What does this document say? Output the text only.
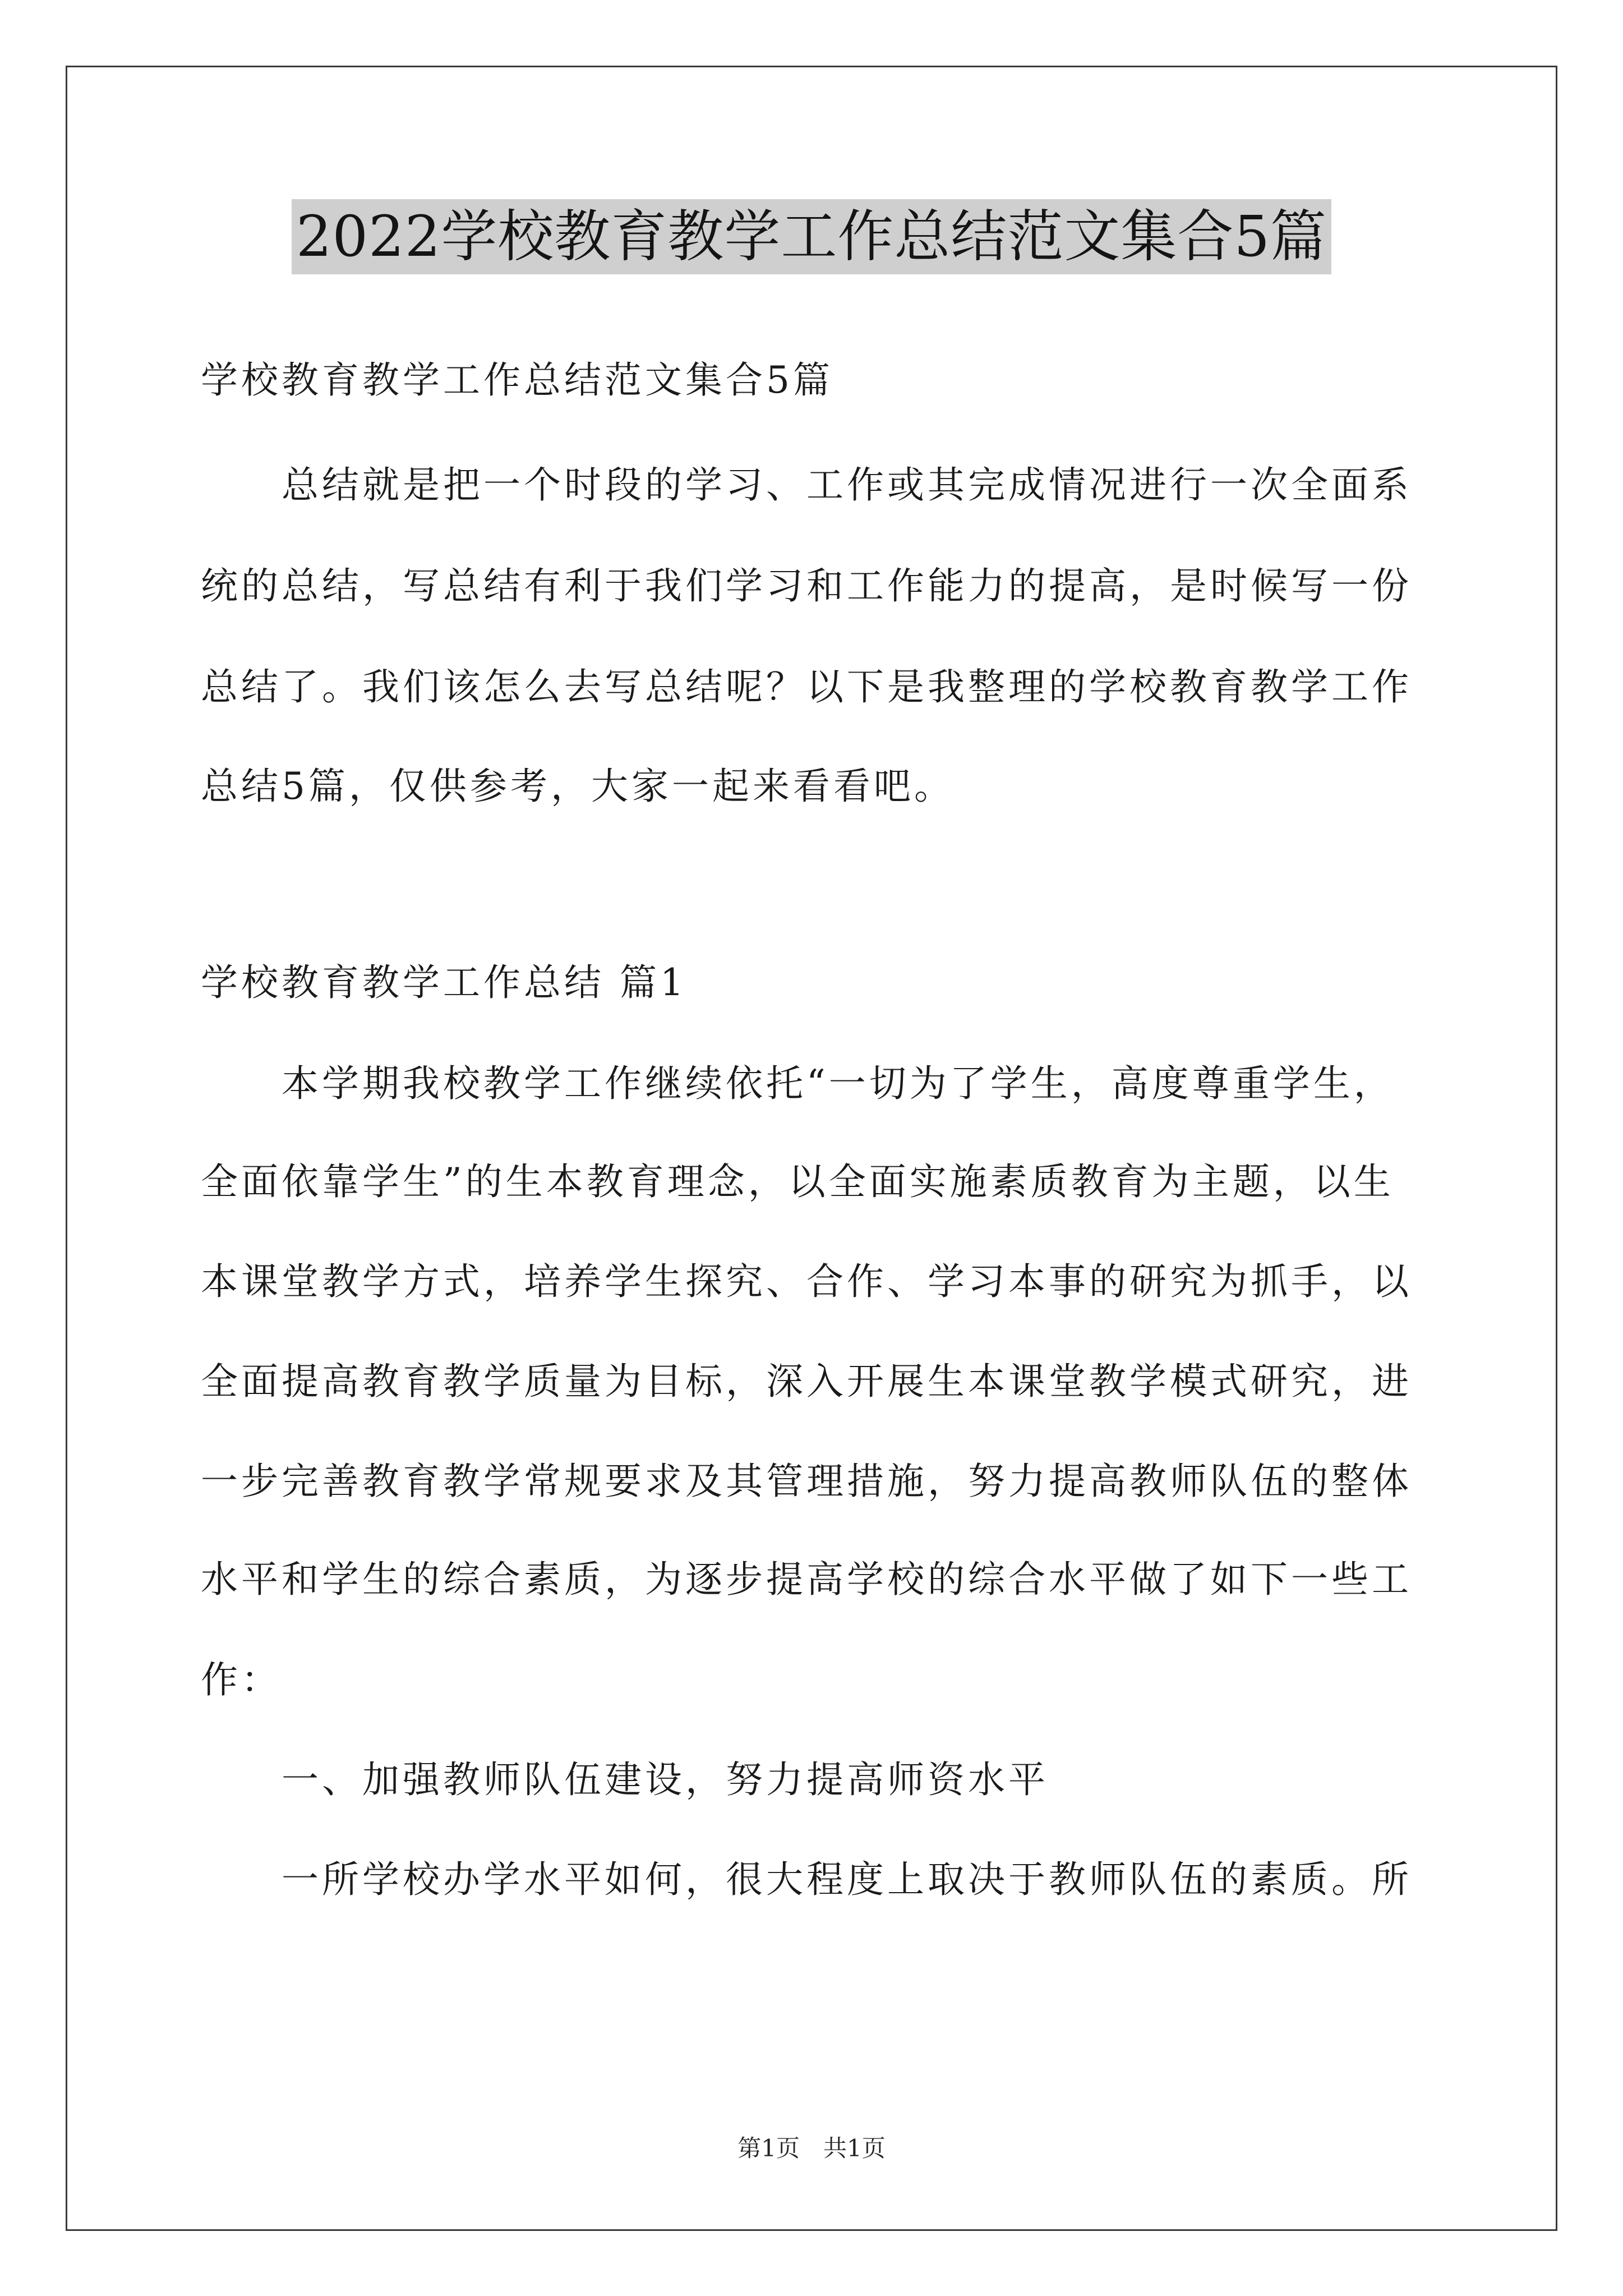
2022学校教育教学工作总结范文集合5篇
学校教育教学工作总结范文集合5篇
　　总结就是把一个时段的学习、工作或其完成情况进行一次全面系
统的总结，写总结有利于我们学习和工作能力的提高，是时候写一份
总结了。我们该怎么去写总结呢？以下是我整理的学校教育教学工作
总结5篇，仅供参考，大家一起来看看吧。
学校教育教学工作总结 篇1
　　本学期我校教学工作继续依托“一切为了学生，高度尊重学生，
全面依靠学生”的生本教育理念，以全面实施素质教育为主题，以生
本课堂教学方式，培养学生探究、合作、学习本事的研究为抓手，以
全面提高教育教学质量为目标，深入开展生本课堂教学模式研究，进
一步完善教育教学常规要求及其管理措施，努力提高教师队伍的整体
水平和学生的综合素质，为逐步提高学校的综合水平做了如下一些工
作：
　　一、加强教师队伍建设，努力提高师资水平
　　一所学校办学水平如何，很大程度上取决于教师队伍的素质。所
第1页　共1页
